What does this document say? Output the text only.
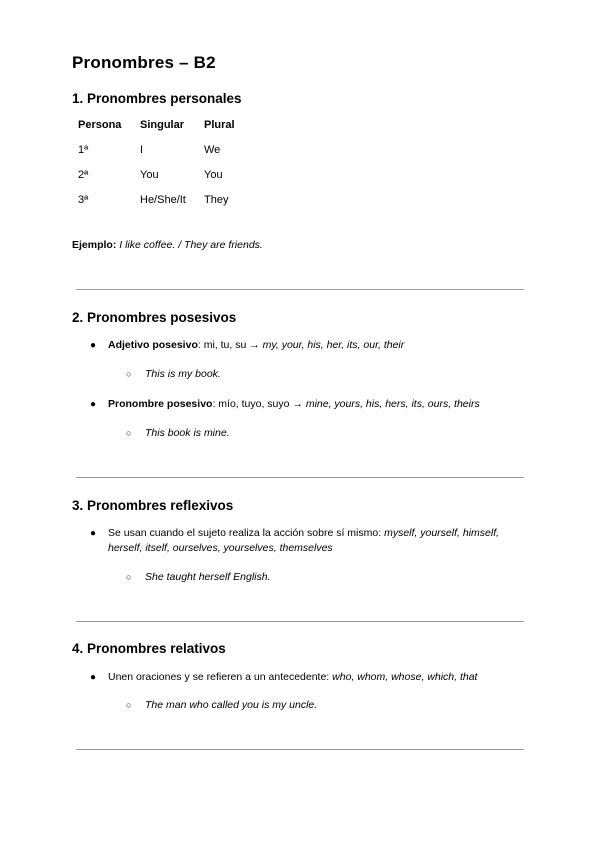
Pronombres – B2
1. Pronombres personales
Persona	Singular	Plural
1ª	I	We
2ª	You	You
3ª	He/She/It	They
Ejemplo: I like coffee. / They are friends.
2. Pronombres posesivos
● Adjetivo posesivo: mi, tu, su → my, your, his, her, its, our, their
○ This is my book.
● Pronombre posesivo: mío, tuyo, suyo → mine, yours, his, hers, its, ours, theirs
○ This book is mine.
3. Pronombres reflexivos
● Se usan cuando el sujeto realiza la acción sobre sí mismo: myself, yourself, himself,
herself, itself, ourselves, yourselves, themselves
○ She taught herself English.
4. Pronombres relativos
● Unen oraciones y se refieren a un antecedente: who, whom, whose, which, that
○ The man who called you is my uncle.
